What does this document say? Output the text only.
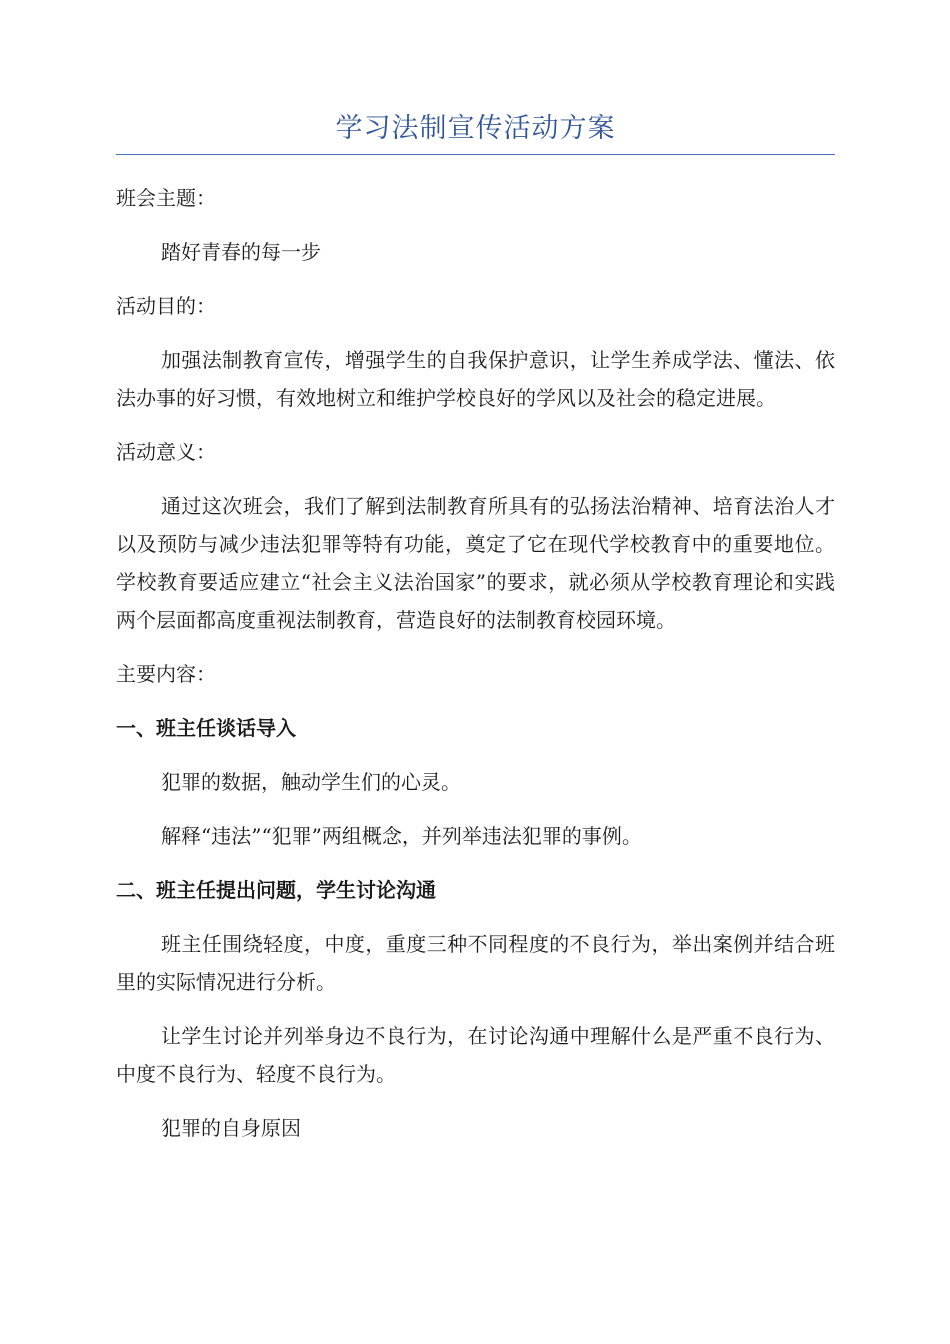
学习法制宣传活动方案

班会主题：

踏好青春的每一步

活动目的：

加强法制教育宣传，增强学生的自我保护意识，让学生养成学法、懂法、依法办事的好习惯，有效地树立和维护学校良好的学风以及社会的稳定进展。

活动意义：

通过这次班会，我们了解到法制教育所具有的弘扬法治精神、培育法治人才以及预防与减少违法犯罪等特有功能，奠定了它在现代学校教育中的重要地位。学校教育要适应建立“社会主义法治国家”的要求，就必须从学校教育理论和实践两个层面都高度重视法制教育，营造良好的法制教育校园环境。

主要内容：

一、班主任谈话导入

犯罪的数据，触动学生们的心灵。

解释“违法”“犯罪”两组概念，并列举违法犯罪的事例。

二、班主任提出问题，学生讨论沟通

班主任围绕轻度，中度，重度三种不同程度的不良行为，举出案例并结合班里的实际情况进行分析。

让学生讨论并列举身边不良行为，在讨论沟通中理解什么是严重不良行为、中度不良行为、轻度不良行为。

犯罪的自身原因
